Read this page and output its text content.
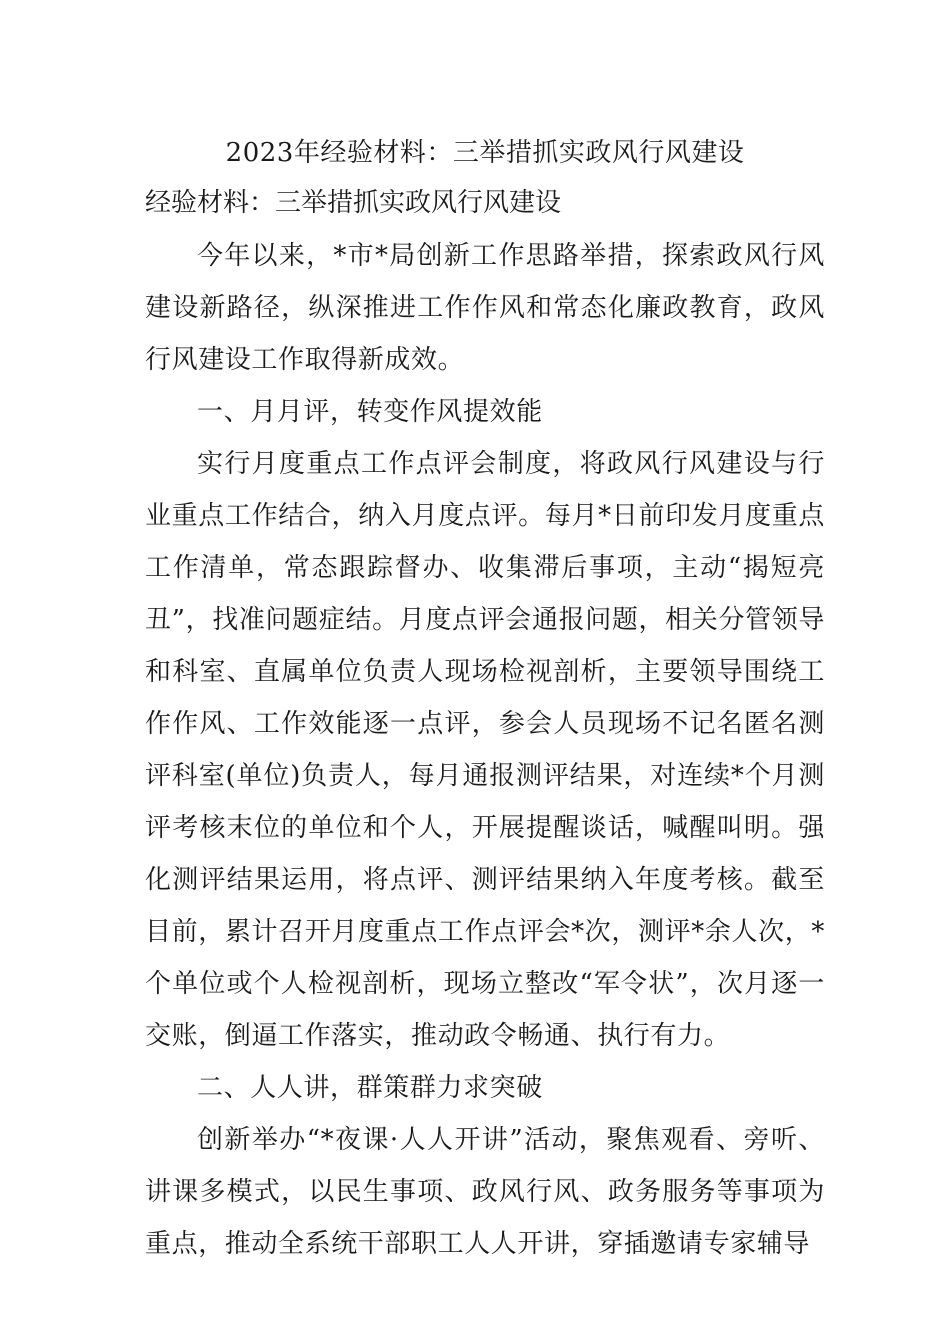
2023年经验材料：三举措抓实政风行风建设

经验材料：三举措抓实政风行风建设

今年以来，*市*局创新工作思路举措，探索政风行风建设新路径，纵深推进工作作风和常态化廉政教育，政风行风建设工作取得新成效。

一、月月评，转变作风提效能

实行月度重点工作点评会制度，将政风行风建设与行业重点工作结合，纳入月度点评。每月*日前印发月度重点工作清单，常态跟踪督办、收集滞后事项，主动“揭短亮丑”，找准问题症结。月度点评会通报问题，相关分管领导和科室、直属单位负责人现场检视剖析，主要领导围绕工作作风、工作效能逐一点评，参会人员现场不记名匿名测评科室(单位)负责人，每月通报测评结果，对连续*个月测评考核末位的单位和个人，开展提醒谈话，喊醒叫明。强化测评结果运用，将点评、测评结果纳入年度考核。截至目前，累计召开月度重点工作点评会*次，测评*余人次，*个单位或个人检视剖析，现场立整改“军令状”，次月逐一交账，倒逼工作落实，推动政令畅通、执行有力。

二、人人讲，群策群力求突破

创新举办“*夜课·人人开讲”活动，聚焦观看、旁听、讲课多模式，以民生事项、政风行风、政务服务等事项为重点，推动全系统干部职工人人开讲，穿插邀请专家辅导
